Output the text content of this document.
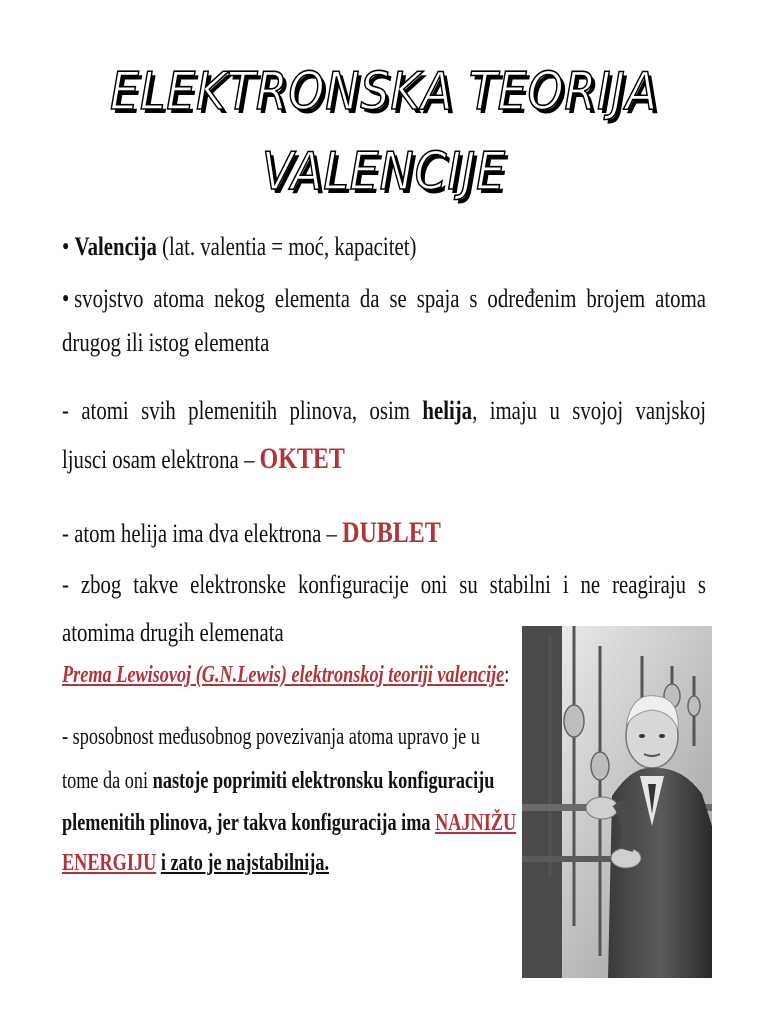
ELEKTRONSKA TEORIJA
VALENCIJE
• Valencija (lat. valentia = moć, kapacitet)
• svojstvo atoma nekog elementa da se spaja s određenim brojem atoma
drugog ili istog elementa
- atomi svih plemenitih plinova, osim helija, imaju u svojoj vanjskoj
ljusci osam elektrona – OKTET
- atom helija ima dva elektrona – DUBLET
- zbog takve elektronske konfiguracije oni su stabilni i ne reagiraju s
atomima drugih elemenata
Prema Lewisovoj (G.N.Lewis) elektronskoj teoriji valencije:
- sposobnost međusobnog povezivanja atoma upravo je u
tome da oni nastoje poprimiti elektronsku konfiguraciju
plemenitih plinova, jer takva konfiguracija ima NAJNIŽU
ENERGIJU i zato je najstabilnija.
